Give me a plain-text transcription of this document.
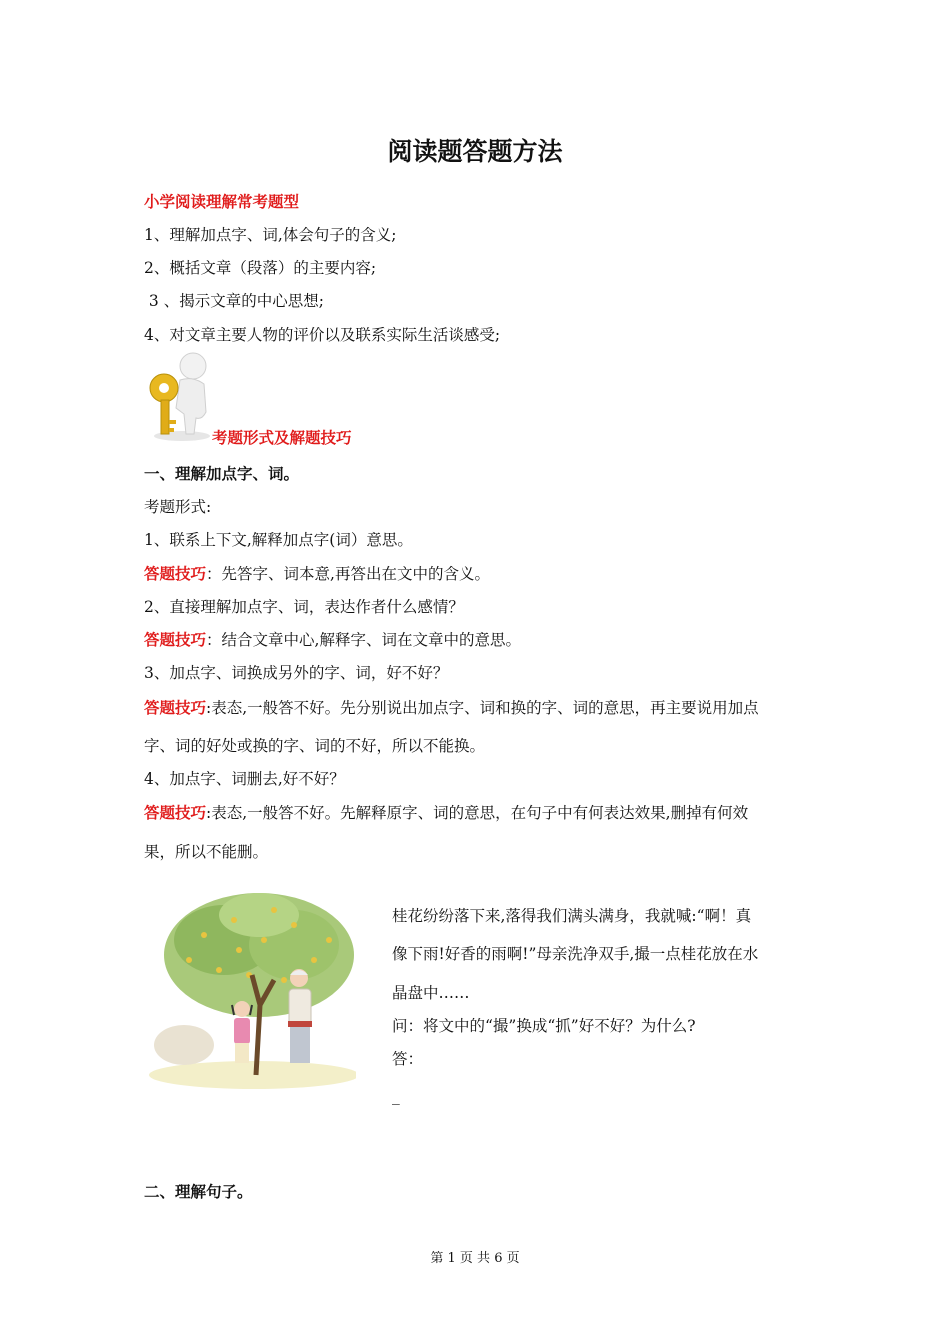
阅读题答题方法
小学阅读理解常考题型
1、理解加点字、词,体会句子的含义;
2、概括文章（段落）的主要内容;
3 、揭示文章的中心思想;
4、对文章主要人物的评价以及联系实际生活谈感受;
考题形式及解题技巧
一、理解加点字、词。
考题形式:
1、联系上下文,解释加点字(词）意思。
答题技巧：先答字、词本意,再答出在文中的含义。
2、直接理解加点字、词，表达作者什么感情？
答题技巧：结合文章中心,解释字、词在文章中的意思。
3、加点字、词换成另外的字、词，好不好？
答题技巧:表态,一般答不好。先分别说出加点字、词和换的字、词的意思，再主要说用加点
字、词的好处或换的字、词的不好，所以不能换。
4、加点字、词删去,好不好？
答题技巧:表态,一般答不好。先解释原字、词的意思，在句子中有何表达效果,删掉有何效
果，所以不能删。
桂花纷纷落下来,落得我们满头满身，我就喊:“啊！真
像下雨!好香的雨啊!”母亲洗净双手,撮一点桂花放在水
晶盘中……
问：将文中的“撮”换成“抓”好不好？为什么?
答：
_
二、理解句子。
第 1 页 共 6 页
